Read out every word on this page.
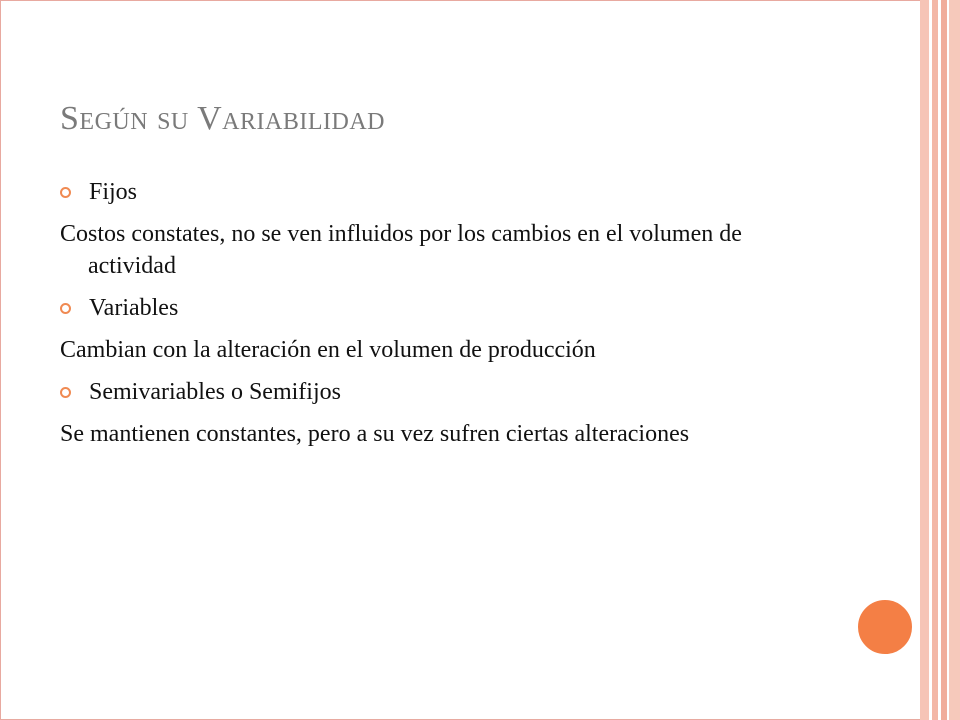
Según su Variabilidad
Fijos
Costos constates, no se ven influidos por los cambios en el volumen de actividad
Variables
Cambian con la alteración en el volumen de producción
Semivariables o Semifijos
Se mantienen constantes, pero a su vez sufren ciertas alteraciones
